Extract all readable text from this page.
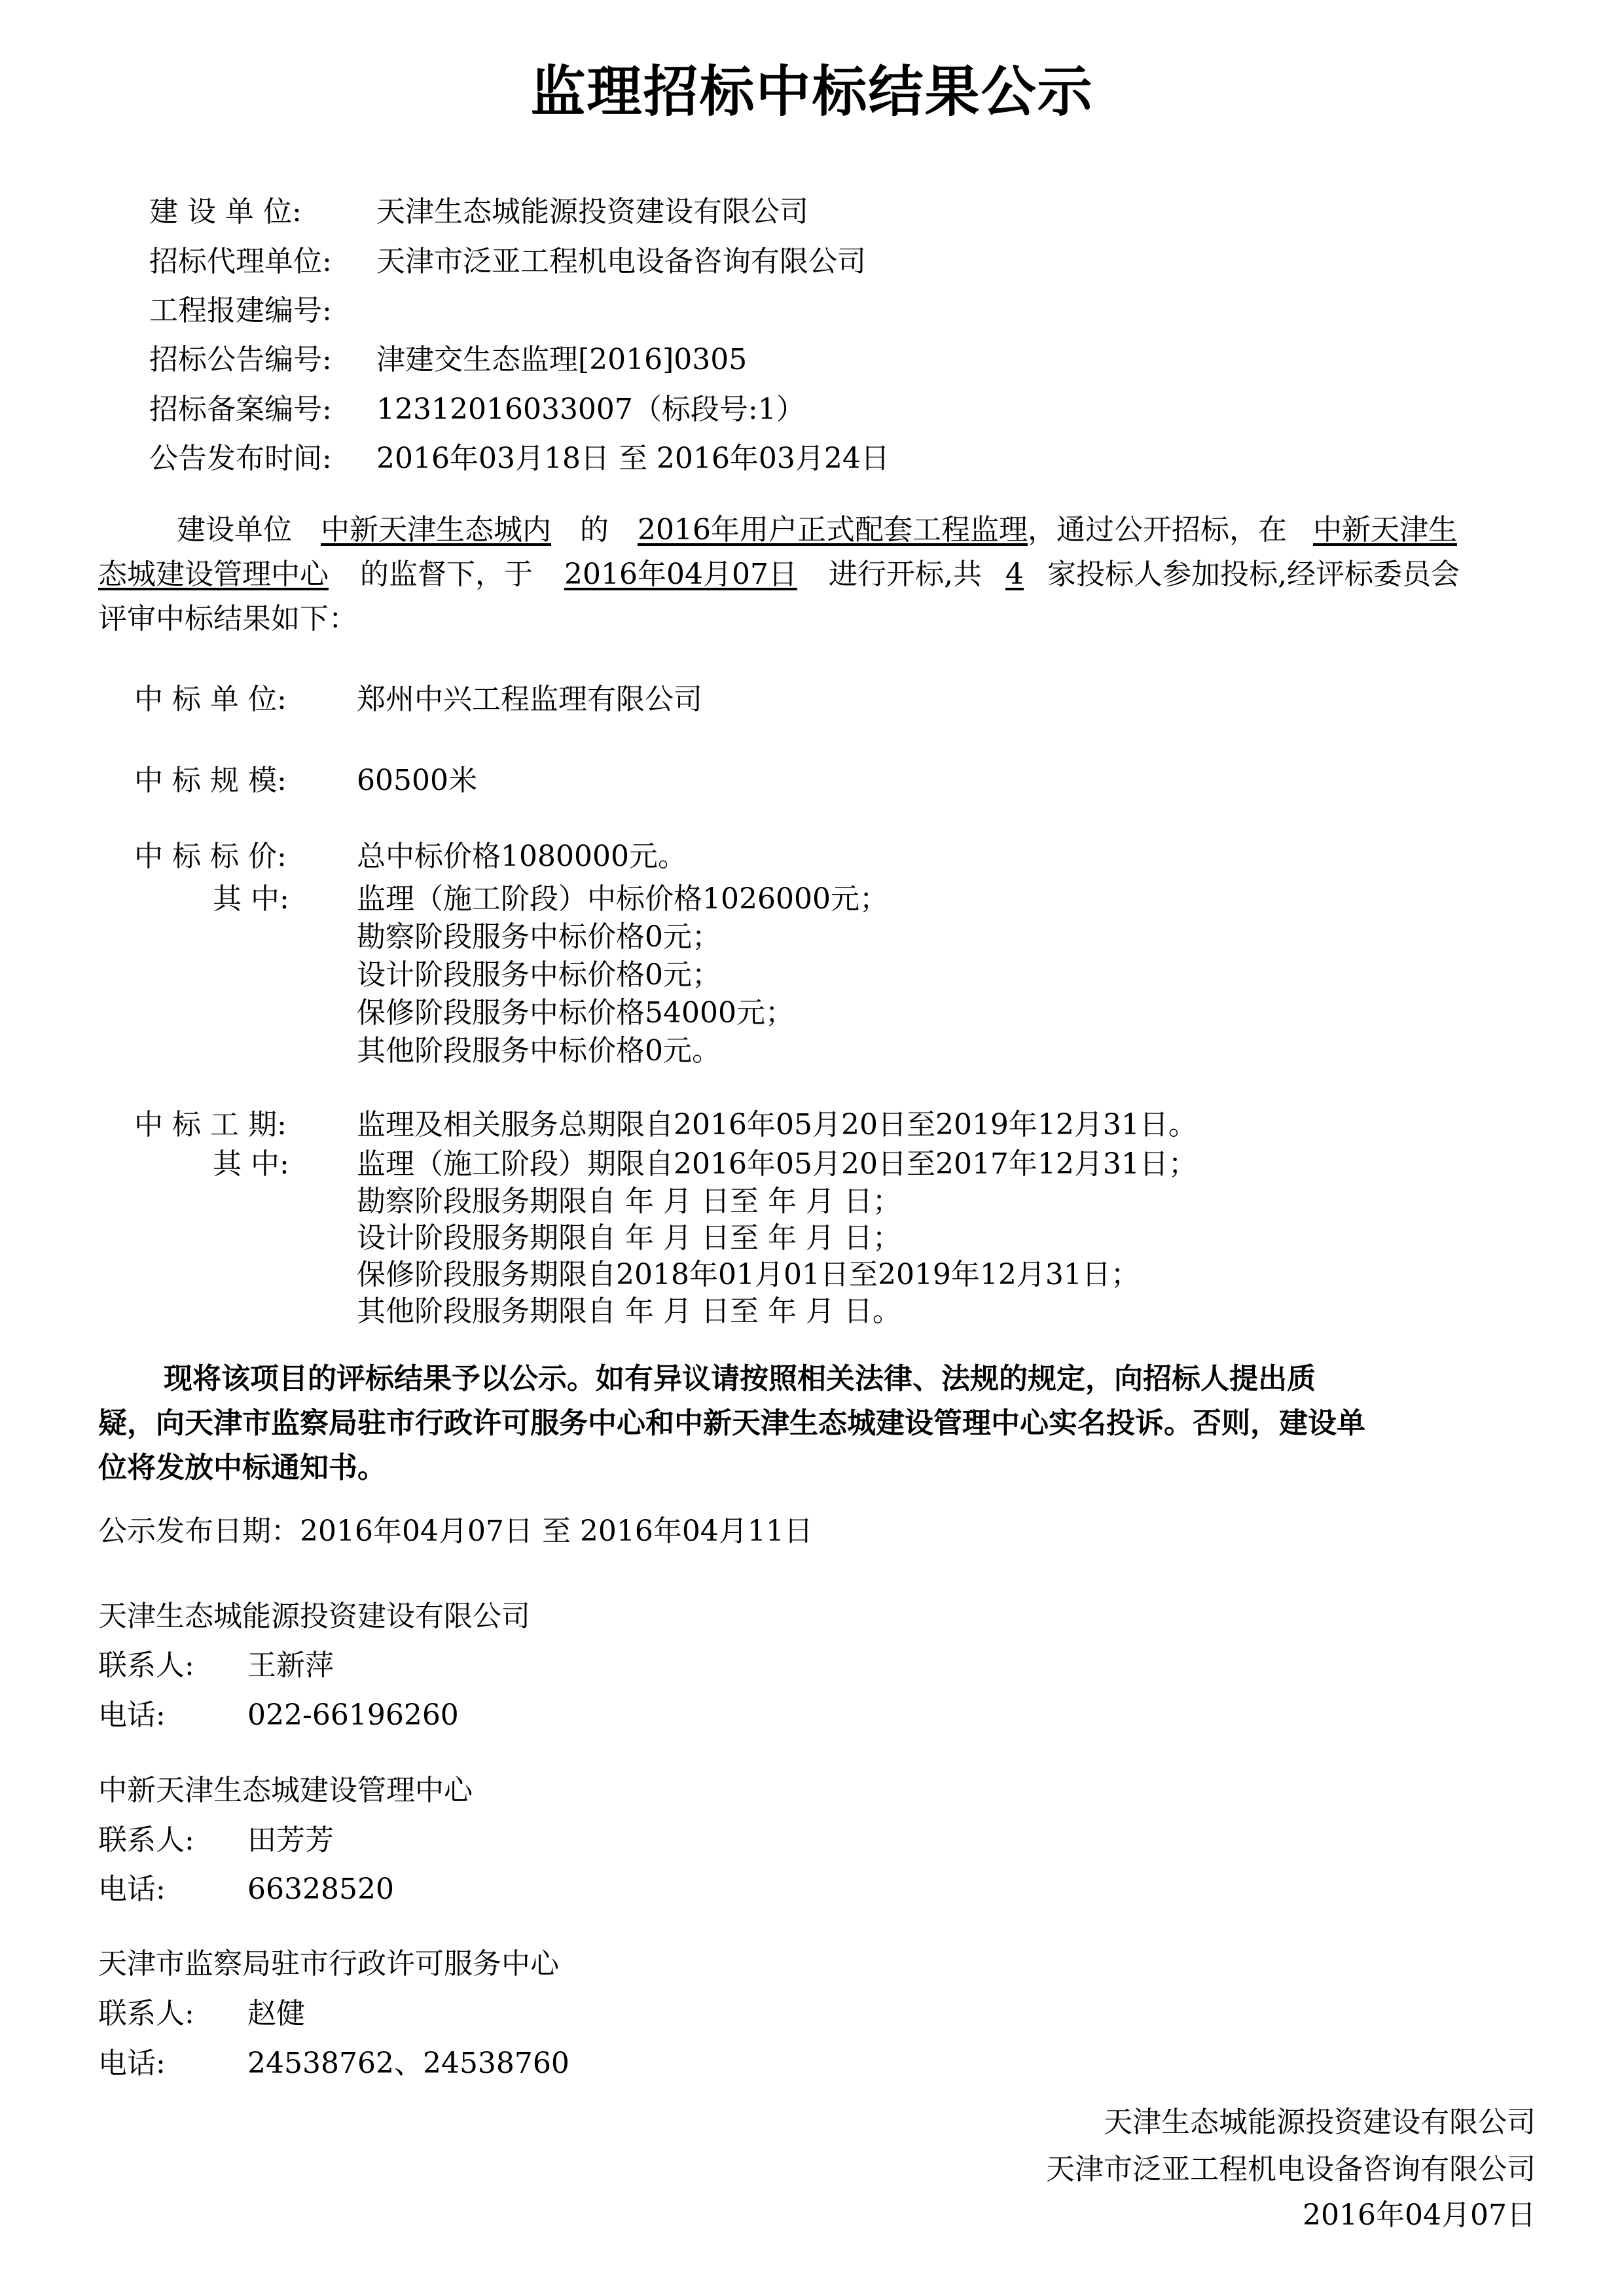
监理招标中标结果公示
建 设 单 位:	天津生态城能源投资建设有限公司
招标代理单位: 天津市泛亚工程机电设备咨询有限公司
工程报建编号:
招标公告编号: 津建交生态监理[2016]0305
招标备案编号: 12312016033007（标段号:1）
公告发布时间: 2016年03月18日 至 2016年03月24日
建设单位 中新天津生态城内 的 2016年用户正式配套工程监理，通过公开招标，在 中新天津生
态城建设管理中心 的监督下，于 2016年04月07日 进行开标,共 4 家投标人参加投标,经评标委员会
评审中标结果如下：
中 标 单 位: 郑州中兴工程监理有限公司
中 标 规 模: 60500米
中 标 标 价: 总中标价格1080000元。
其 中: 监理（施工阶段）中标价格1026000元；
勘察阶段服务中标价格0元；
设计阶段服务中标价格0元；
保修阶段服务中标价格54000元；
其他阶段服务中标价格0元。
中 标 工 期: 监理及相关服务总期限自2016年05月20日至2019年12月31日。
其 中: 监理（施工阶段）期限自2016年05月20日至2017年12月31日；
勘察阶段服务期限自 年 月 日至 年 月 日；
设计阶段服务期限自 年 月 日至 年 月 日；
保修阶段服务期限自2018年01月01日至2019年12月31日；
其他阶段服务期限自 年 月 日至 年 月 日。
现将该项目的评标结果予以公示。如有异议请按照相关法律、法规的规定，向招标人提出质
疑，向天津市监察局驻市行政许可服务中心和中新天津生态城建设管理中心实名投诉。否则，建设单
位将发放中标通知书。
公示发布日期：2016年04月07日 至 2016年04月11日
天津生态城能源投资建设有限公司
联系人: 王新萍
电话:	022-66196260
中新天津生态城建设管理中心
联系人: 田芳芳
电话:	66328520
天津市监察局驻市行政许可服务中心
联系人: 赵健
电话:	24538762、24538760
天津生态城能源投资建设有限公司
天津市泛亚工程机电设备咨询有限公司
2016年04月07日
